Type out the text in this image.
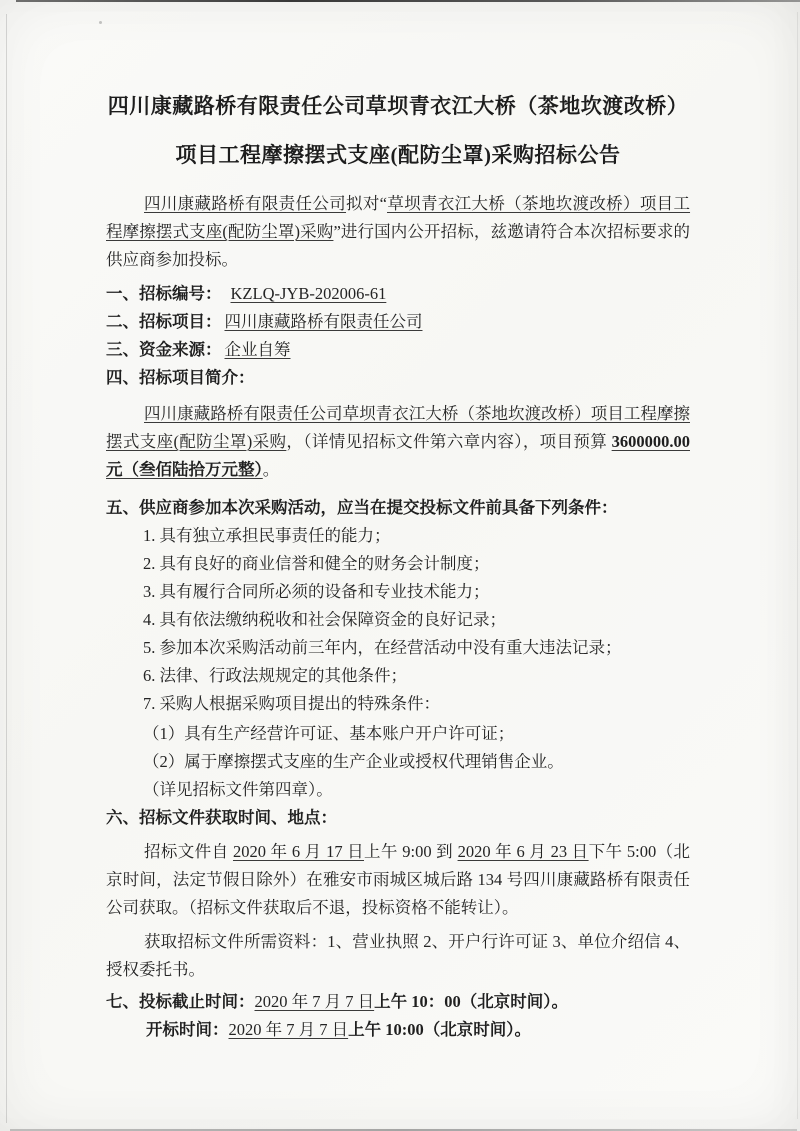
四川康藏路桥有限责任公司草坝青衣江大桥（茶地坎渡改桥）
项目工程摩擦摆式支座(配防尘罩)采购招标公告

四川康藏路桥有限责任公司拟对“草坝青衣江大桥（茶地坎渡改桥）项目工程摩擦摆式支座(配防尘罩)采购”进行国内公开招标，兹邀请符合本次招标要求的供应商参加投标。

一、招标编号： KZLQ-JYB-202006-61
二、招标项目： 四川康藏路桥有限责任公司
三、资金来源： 企业自筹
四、招标项目简介：

四川康藏路桥有限责任公司草坝青衣江大桥（茶地坎渡改桥）项目工程摩擦摆式支座(配防尘罩)采购，（详情见招标文件第六章内容），项目预算 3600000.00 元（叁佰陆拾万元整）。

五、供应商参加本次采购活动，应当在提交投标文件前具备下列条件：
1. 具有独立承担民事责任的能力；
2. 具有良好的商业信誉和健全的财务会计制度；
3. 具有履行合同所必须的设备和专业技术能力；
4. 具有依法缴纳税收和社会保障资金的良好记录；
5. 参加本次采购活动前三年内，在经营活动中没有重大违法记录；
6. 法律、行政法规规定的其他条件；
7. 采购人根据采购项目提出的特殊条件：
（1）具有生产经营许可证、基本账户开户许可证；
（2）属于摩擦摆式支座的生产企业或授权代理销售企业。
（详见招标文件第四章）。
六、招标文件获取时间、地点：

招标文件自 2020 年 6 月 17 日上午 9:00 到 2020 年 6 月 23 日下午 5:00（北京时间，法定节假日除外）在雅安市雨城区城后路 134 号四川康藏路桥有限责任公司获取。（招标文件获取后不退，投标资格不能转让）。

获取招标文件所需资料：1、营业执照 2、开户行许可证 3、单位介绍信 4、授权委托书。

七、投标截止时间：2020 年 7 月 7 日上午 10：00（北京时间）。
开标时间：2020 年 7 月 7 日上午 10:00（北京时间）。
